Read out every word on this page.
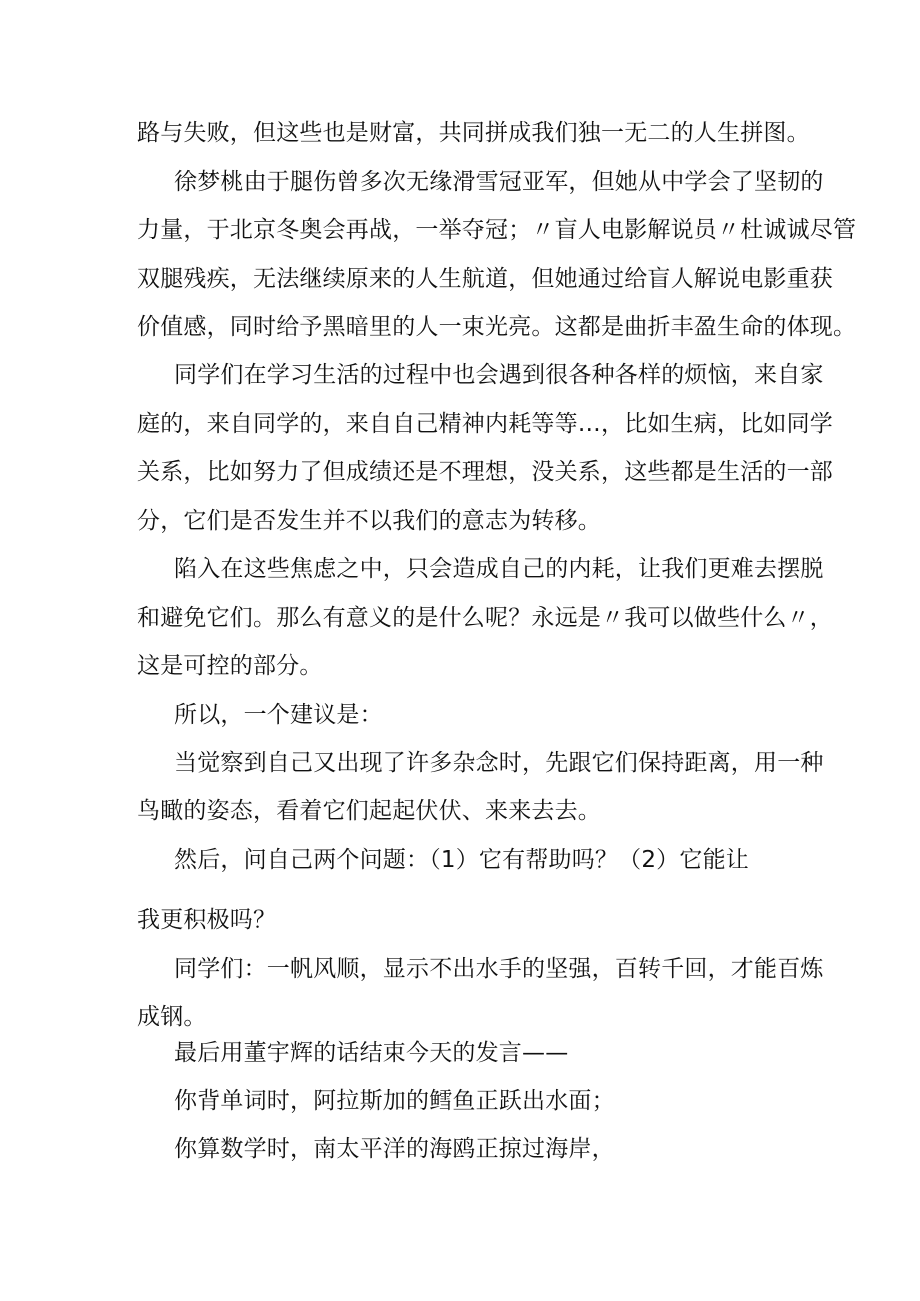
路与失败，但这些也是财富，共同拼成我们独一无二的人生拼图。
徐梦桃由于腿伤曾多次无缘滑雪冠亚军，但她从中学会了坚韧的
力量，于北京冬奥会再战，一举夺冠；〃盲人电影解说员〃杜诚诚尽管
双腿残疾，无法继续原来的人生航道，但她通过给盲人解说电影重获
价值感，同时给予黑暗里的人一束光亮。这都是曲折丰盈生命的体现。
同学们在学习生活的过程中也会遇到很各种各样的烦恼，来自家
庭的，来自同学的，来自自己精神内耗等等…，比如生病，比如同学
关系，比如努力了但成绩还是不理想，没关系，这些都是生活的一部
分，它们是否发生并不以我们的意志为转移。
陷入在这些焦虑之中，只会造成自己的内耗，让我们更难去摆脱
和避免它们。那么有意义的是什么呢？永远是〃我可以做些什么〃，
这是可控的部分。
所以，一个建议是：
当觉察到自己又出现了许多杂念时，先跟它们保持距离，用一种
鸟瞰的姿态，看着它们起起伏伏、来来去去。
然后，问自己两个问题：（1）它有帮助吗？（2）它能让
我更积极吗？
同学们：一帆风顺，显示不出水手的坚强，百转千回，才能百炼
成钢。
最后用董宇辉的话结束今天的发言——
你背单词时，阿拉斯加的鳕鱼正跃出水面；
你算数学时，南太平洋的海鸥正掠过海岸，
